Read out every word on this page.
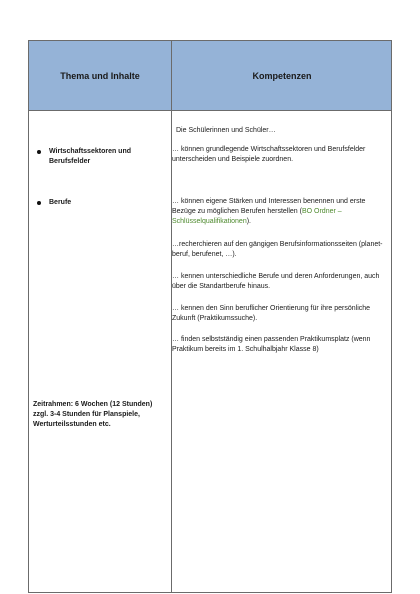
Thema und Inhalte	Kompetenzen
Wirtschaftssektoren und Berufsfelder
Berufe
Zeitrahmen: 6 Wochen (12 Stunden) zzgl. 3-4 Stunden für Planspiele, Werturteilsstunden etc.
Die Schülerinnen und Schüler…
… können grundlegende Wirtschaftssektoren und Berufsfelder unterscheiden und Beispiele zuordnen.
… können eigene Stärken und Interessen benennen und erste Bezüge zu möglichen Berufen herstellen (BO Ordner – Schlüsselqualifikationen).
…recherchieren auf den gängigen Berufsinformationsseiten (planet-beruf, berufenet, …).
… kennen unterschiedliche Berufe und deren Anforderungen, auch über die Standartberufe hinaus.
… kennen den Sinn beruflicher Orientierung für ihre persönliche Zukunft (Praktikumssuche).
… finden selbstständig einen passenden Praktikumsplatz (wenn Praktikum bereits im 1. Schulhalbjahr Klasse 8)
